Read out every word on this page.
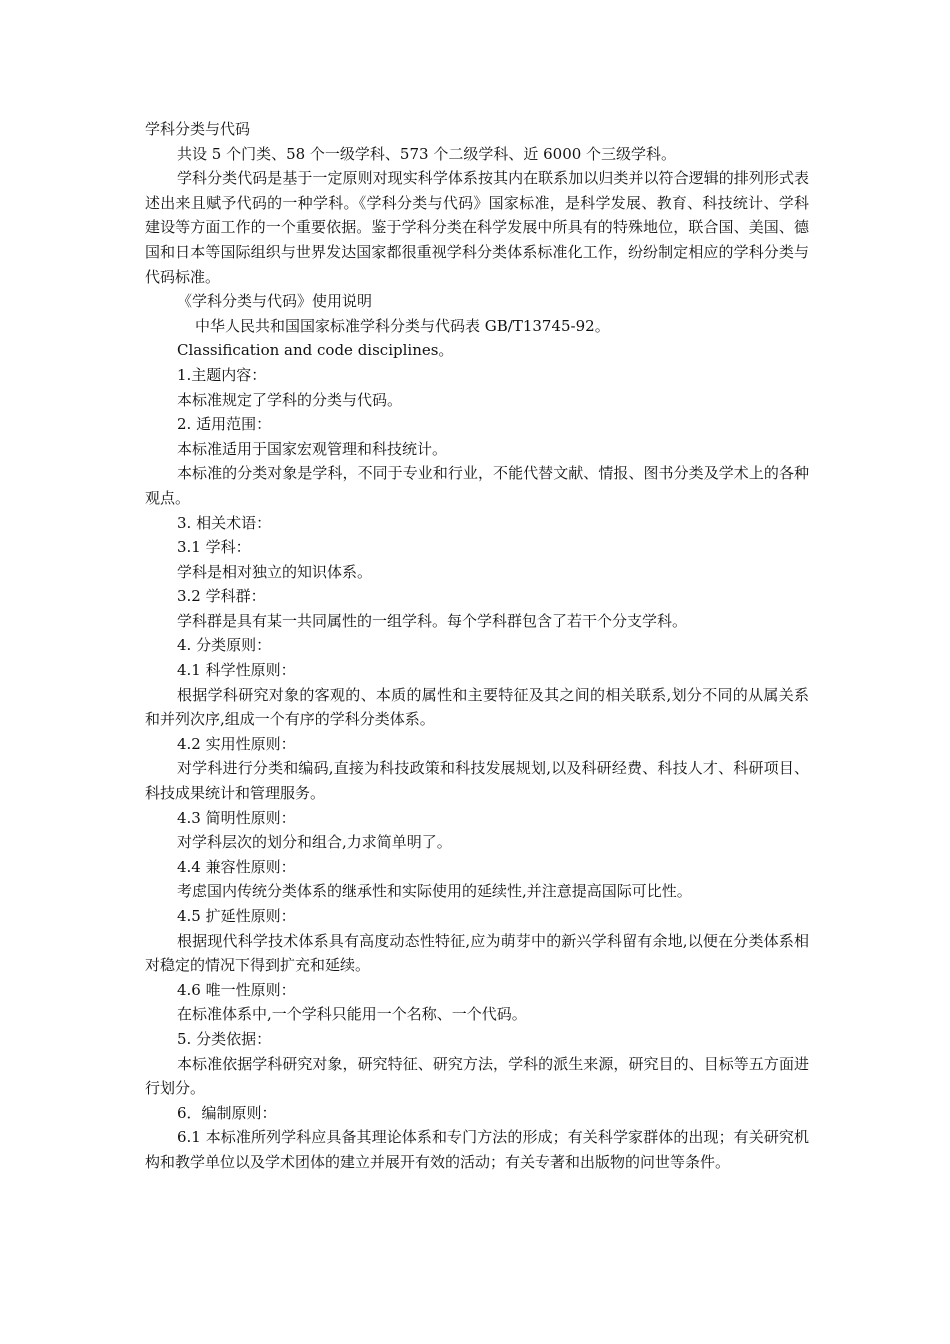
学科分类与代码

共设 5 个门类、58 个一级学科、573 个二级学科、近 6000 个三级学科。

学科分类代码是基于一定原则对现实科学体系按其内在联系加以归类并以符合逻辑的排列形式表述出来且赋予代码的一种学科。《学科分类与代码》国家标准，是科学发展、教育、科技统计、学科建设等方面工作的一个重要依据。鉴于学科分类在科学发展中所具有的特殊地位，联合国、美国、德国和日本等国际组织与世界发达国家都很重视学科分类体系标准化工作，纷纷制定相应的学科分类与代码标准。

《学科分类与代码》使用说明

中华人民共和国国家标准学科分类与代码表 GB/T13745-92。

Classification and code disciplines。

1.主题内容：

本标准规定了学科的分类与代码。

2. 适用范围：

本标准适用于国家宏观管理和科技统计。

本标准的分类对象是学科，不同于专业和行业，不能代替文献、情报、图书分类及学术上的各种观点。

3. 相关术语：

3.1 学科：

学科是相对独立的知识体系。

3.2 学科群：

学科群是具有某一共同属性的一组学科。每个学科群包含了若干个分支学科。

4. 分类原则：

4.1 科学性原则：

根据学科研究对象的客观的、本质的属性和主要特征及其之间的相关联系,划分不同的从属关系和并列次序,组成一个有序的学科分类体系。

4.2 实用性原则：

对学科进行分类和编码,直接为科技政策和科技发展规划,以及科研经费、科技人才、科研项目、科技成果统计和管理服务。

4.3 简明性原则：

对学科层次的划分和组合,力求简单明了。

4.4 兼容性原则：

考虑国内传统分类体系的继承性和实际使用的延续性,并注意提高国际可比性。

4.5 扩延性原则：

根据现代科学技术体系具有高度动态性特征,应为萌芽中的新兴学科留有余地,以便在分类体系相对稳定的情况下得到扩充和延续。

4.6 唯一性原则：

在标准体系中,一个学科只能用一个名称、一个代码。

5. 分类依据：

本标准依据学科研究对象，研究特征、研究方法，学科的派生来源，研究目的、目标等五方面进行划分。

6．编制原则：

6.1 本标准所列学科应具备其理论体系和专门方法的形成；有关科学家群体的出现；有关研究机构和教学单位以及学术团体的建立并展开有效的活动；有关专著和出版物的问世等条件。
